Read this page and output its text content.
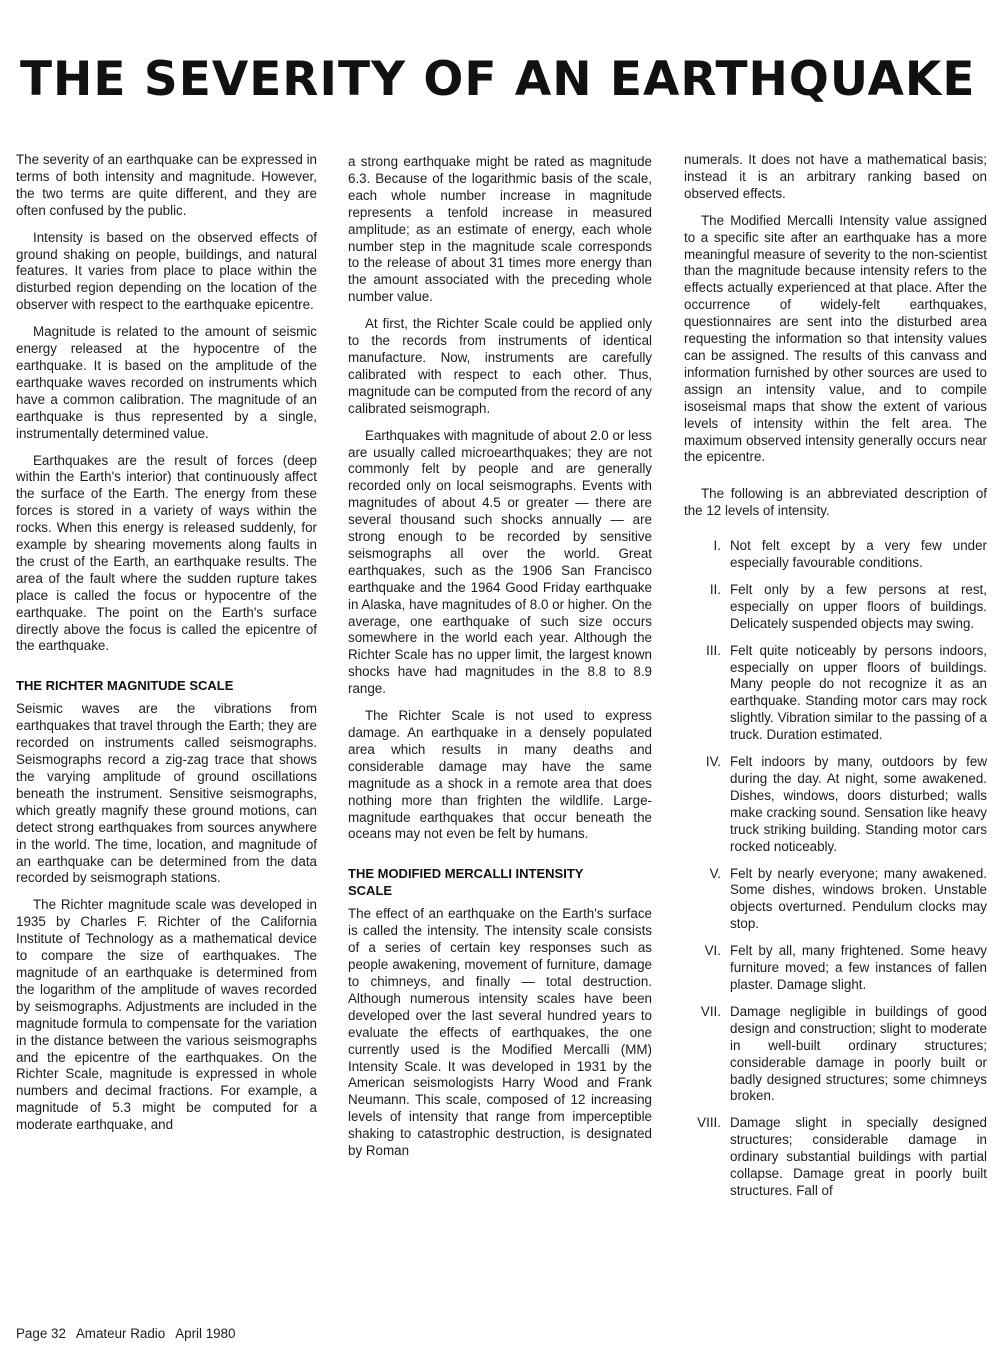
THE SEVERITY OF AN EARTHQUAKE

The severity of an earthquake can be expressed in terms of both intensity and magnitude. However, the two terms are quite different, and they are often confused by the public.

Intensity is based on the observed effects of ground shaking on people, buildings, and natural features. It varies from place to place within the disturbed region depending on the location of the observer with respect to the earthquake epicentre.

Magnitude is related to the amount of seismic energy released at the hypocentre of the earthquake. It is based on the amplitude of the earthquake waves recorded on instruments which have a common calibration. The magnitude of an earthquake is thus represented by a single, instrumentally determined value.

Earthquakes are the result of forces (deep within the Earth's interior) that continuously affect the surface of the Earth. The energy from these forces is stored in a variety of ways within the rocks. When this energy is released suddenly, for example by shearing movements along faults in the crust of the Earth, an earthquake results. The area of the fault where the sudden rupture takes place is called the focus or hypocentre of the earthquake. The point on the Earth's surface directly above the focus is called the epicentre of the earthquake.

THE RICHTER MAGNITUDE SCALE

Seismic waves are the vibrations from earthquakes that travel through the Earth; they are recorded on instruments called seismographs. Seismographs record a zig-zag trace that shows the varying amplitude of ground oscillations beneath the instrument. Sensitive seismographs, which greatly magnify these ground motions, can detect strong earthquakes from sources anywhere in the world. The time, location, and magnitude of an earthquake can be determined from the data recorded by seismograph stations.

The Richter magnitude scale was developed in 1935 by Charles F. Richter of the California Institute of Technology as a mathematical device to compare the size of earthquakes. The magnitude of an earthquake is determined from the logarithm of the amplitude of waves recorded by seismographs. Adjustments are included in the magnitude formula to compensate for the variation in the distance between the various seismographs and the epicentre of the earthquakes. On the Richter Scale, magnitude is expressed in whole numbers and decimal fractions. For example, a magnitude of 5.3 might be computed for a moderate earthquake, and

a strong earthquake might be rated as magnitude 6.3. Because of the logarithmic basis of the scale, each whole number increase in magnitude represents a tenfold increase in measured amplitude; as an estimate of energy, each whole number step in the magnitude scale corresponds to the release of about 31 times more energy than the amount associated with the preceding whole number value.

At first, the Richter Scale could be applied only to the records from instruments of identical manufacture. Now, instruments are carefully calibrated with respect to each other. Thus, magnitude can be computed from the record of any calibrated seismograph.

Earthquakes with magnitude of about 2.0 or less are usually called microearthquakes; they are not commonly felt by people and are generally recorded only on local seismographs. Events with magnitudes of about 4.5 or greater — there are several thousand such shocks annually — are strong enough to be recorded by sensitive seismographs all over the world. Great earthquakes, such as the 1906 San Francisco earthquake and the 1964 Good Friday earthquake in Alaska, have magnitudes of 8.0 or higher. On the average, one earthquake of such size occurs somewhere in the world each year. Although the Richter Scale has no upper limit, the largest known shocks have had magnitudes in the 8.8 to 8.9 range.

The Richter Scale is not used to express damage. An earthquake in a densely populated area which results in many deaths and considerable damage may have the same magnitude as a shock in a remote area that does nothing more than frighten the wildlife. Large-magnitude earthquakes that occur beneath the oceans may not even be felt by humans.

THE MODIFIED MERCALLI INTENSITY SCALE

The effect of an earthquake on the Earth's surface is called the intensity. The intensity scale consists of a series of certain key responses such as people awakening, movement of furniture, damage to chimneys, and finally — total destruction. Although numerous intensity scales have been developed over the last several hundred years to evaluate the effects of earthquakes, the one currently used is the Modified Mercalli (MM) Intensity Scale. It was developed in 1931 by the American seismologists Harry Wood and Frank Neumann. This scale, composed of 12 increasing levels of intensity that range from imperceptible shaking to catastrophic destruction, is designated by Roman

numerals. It does not have a mathematical basis; instead it is an arbitrary ranking based on observed effects.

The Modified Mercalli Intensity value assigned to a specific site after an earthquake has a more meaningful measure of severity to the non-scientist than the magnitude because intensity refers to the effects actually experienced at that place. After the occurrence of widely-felt earthquakes, questionnaires are sent into the disturbed area requesting the information so that intensity values can be assigned. The results of this canvass and information furnished by other sources are used to assign an intensity value, and to compile isoseismal maps that show the extent of various levels of intensity within the felt area. The maximum observed intensity generally occurs near the epicentre.

The following is an abbreviated description of the 12 levels of intensity.

I. Not felt except by a very few under especially favourable conditions.
II. Felt only by a few persons at rest, especially on upper floors of buildings. Delicately suspended objects may swing.
III. Felt quite noticeably by persons indoors, especially on upper floors of buildings. Many people do not recognize it as an earthquake. Standing motor cars may rock slightly. Vibration similar to the passing of a truck. Duration estimated.
IV. Felt indoors by many, outdoors by few during the day. At night, some awakened. Dishes, windows, doors disturbed; walls make cracking sound. Sensation like heavy truck striking building. Standing motor cars rocked noticeably.
V. Felt by nearly everyone; many awakened. Some dishes, windows broken. Unstable objects overturned. Pendulum clocks may stop.
VI. Felt by all, many frightened. Some heavy furniture moved; a few instances of fallen plaster. Damage slight.
VII. Damage negligible in buildings of good design and construction; slight to moderate in well-built ordinary structures; considerable damage in poorly built or badly designed structures; some chimneys broken.
VIII. Damage slight in specially designed structures; considerable damage in ordinary substantial buildings with partial collapse. Damage great in poorly built structures. Fall of
Page 32 Amateur Radio April 1980
